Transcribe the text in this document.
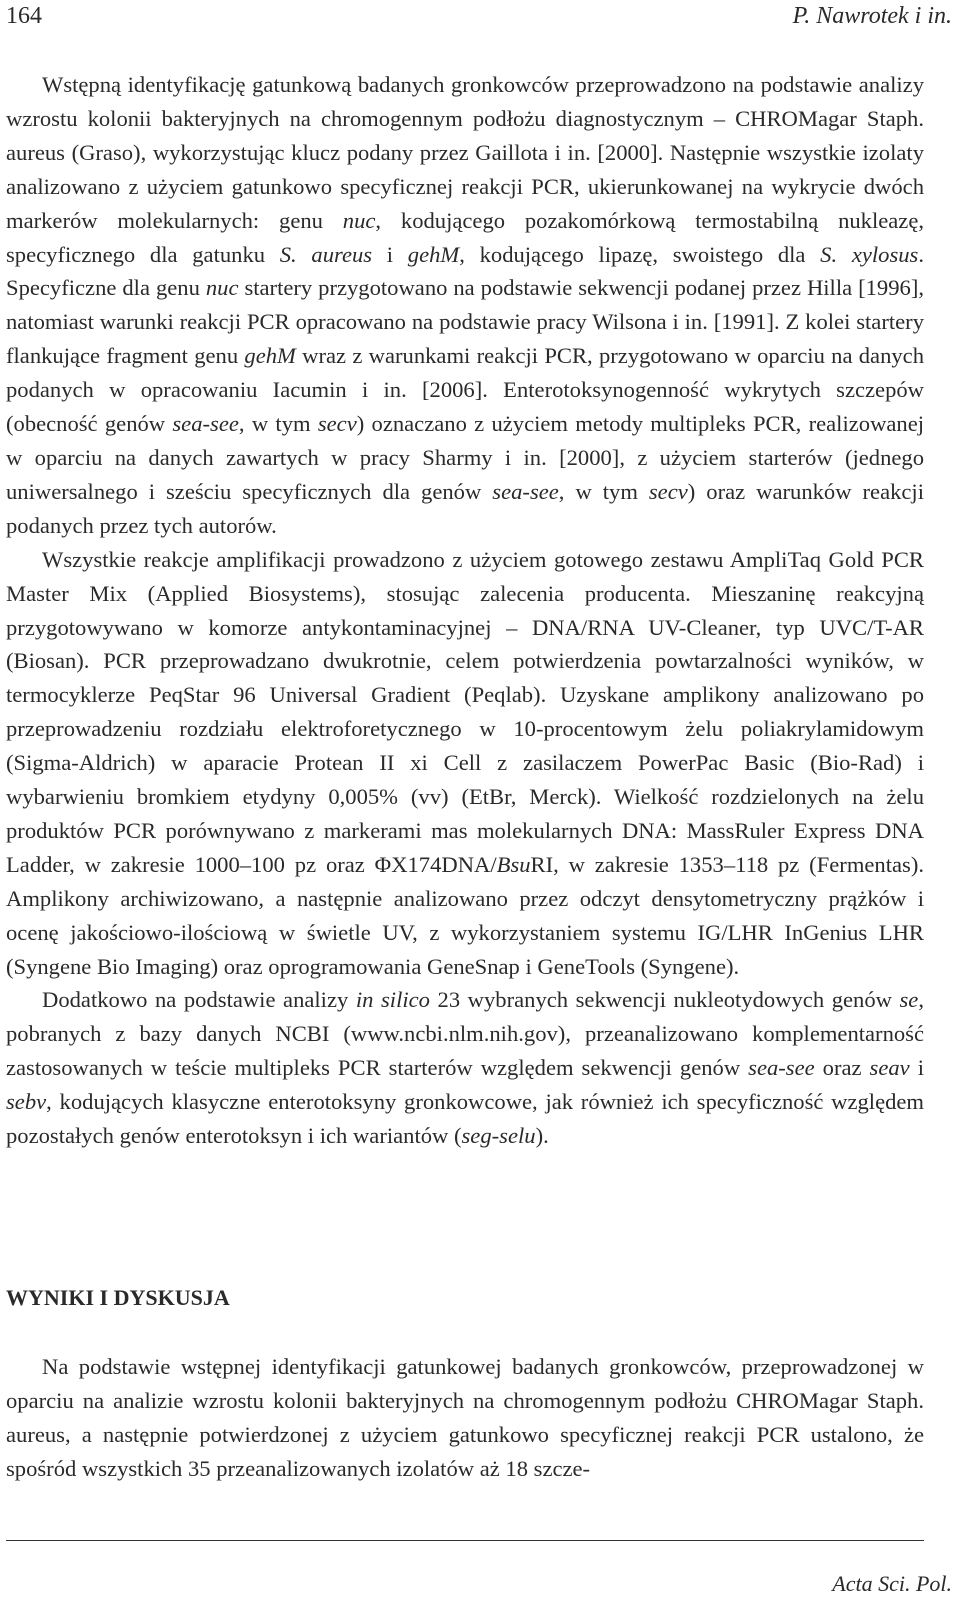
164	P. Nawrotek i in.

Wstępną identyfikację gatunkową badanych gronkowców przeprowadzono na podstawie analizy wzrostu kolonii bakteryjnych na chromogennym podłożu diagnostycznym – CHROMagar Staph. aureus (Graso), wykorzystując klucz podany przez Gaillota i in. [2000]. Następnie wszystkie izolaty analizowano z użyciem gatunkowo specyficznej reakcji PCR, ukierunkowanej na wykrycie dwóch markerów molekularnych: genu nuc, kodującego pozakomórkową termostabilną nukleazę, specyficznego dla gatunku S. aureus i gehM, kodującego lipazę, swoistego dla S. xylosus. Specyficzne dla genu nuc startery przygotowano na podstawie sekwencji podanej przez Hilla [1996], natomiast warunki reakcji PCR opracowano na podstawie pracy Wilsona i in. [1991]. Z kolei startery flankujące fragment genu gehM wraz z warunkami reakcji PCR, przygotowano w oparciu na danych podanych w opracowaniu Iacumin i in. [2006]. Enterotoksynogenność wykrytych szczepów (obecność genów sea-see, w tym secv) oznaczano z użyciem metody multipleks PCR, realizowanej w oparciu na danych zawartych w pracy Sharmy i in. [2000], z użyciem starterów (jednego uniwersalnego i sześciu specyficznych dla genów sea-see, w tym secv) oraz warunków reakcji podanych przez tych autorów.

Wszystkie reakcje amplifikacji prowadzono z użyciem gotowego zestawu AmpliTaq Gold PCR Master Mix (Applied Biosystems), stosując zalecenia producenta. Mieszaninę reakcyjną przygotowywano w komorze antykontaminacyjnej – DNA/RNA UV-Cleaner, typ UVC/T-AR (Biosan). PCR przeprowadzano dwukrotnie, celem potwierdzenia powtarzalności wyników, w termocyklerze PeqStar 96 Universal Gradient (Peqlab). Uzyskane amplikony analizowano po przeprowadzeniu rozdziału elektroforetycznego w 10-procentowym żelu poliakrylamidowym (Sigma-Aldrich) w aparacie Protean II xi Cell z zasilaczem PowerPac Basic (Bio-Rad) i wybarwieniu bromkiem etydyny 0,005% (vv) (EtBr, Merck). Wielkość rozdzielonych na żelu produktów PCR porównywano z markerami mas molekularnych DNA: MassRuler Express DNA Ladder, w zakresie 1000–100 pz oraz ΦX174DNA/BsuRI, w zakresie 1353–118 pz (Fermentas). Amplikony archiwizowano, a następnie analizowano przez odczyt densytometryczny prążków i ocenę jakościowo-ilościową w świetle UV, z wykorzystaniem systemu IG/LHR InGenius LHR (Syngene Bio Imaging) oraz oprogramowania GeneSnap i GeneTools (Syngene).

Dodatkowo na podstawie analizy in silico 23 wybranych sekwencji nukleotydowych genów se, pobranych z bazy danych NCBI (www.ncbi.nlm.nih.gov), przeanalizowano komplementarność zastosowanych w teście multipleks PCR starterów względem sekwencji genów sea-see oraz seav i sebv, kodujących klasyczne enterotoksyny gronkowcowe, jak również ich specyficzność względem pozostałych genów enterotoksyn i ich wariantów (seg-selu).

WYNIKI I DYSKUSJA

Na podstawie wstępnej identyfikacji gatunkowej badanych gronkowców, przeprowadzonej w oparciu na analizie wzrostu kolonii bakteryjnych na chromogennym podłożu CHROMagar Staph. aureus, a następnie potwierdzonej z użyciem gatunkowo specyficznej reakcji PCR ustalono, że spośród wszystkich 35 przeanalizowanych izolatów aż 18 szcze-

Acta Sci. Pol.
